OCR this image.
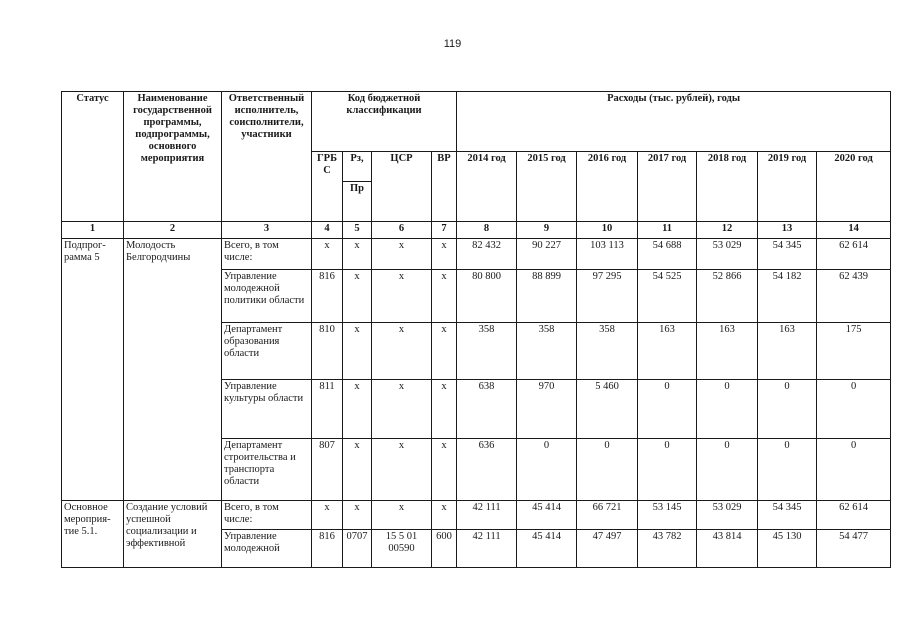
119
Статус	Наименование государственной программы, подпрограммы, основного мероприятия	Ответственный исполнитель, соисполнители, участники	Код бюджетной классификации				Расходы (тыс. рублей), годы						
			ГРБ С	Рз,	ЦСР	ВР	2014 год	2015 год	2016 год	2017 год	2018 год	2019 год	2020 год
				Пр									
1	2	3	4	5	6	7	8	9	10	11	12	13	14
Подпрог-рамма 5	Молодость Белгородчины	Всего, в том числе:	х	х	х	х	82 432	90 227	103 113	54 688	53 029	54 345	62 614
		Управление молодежной политики области	816	х	х	х	80 800	88 899	97 295	54 525	52 866	54 182	62 439
		Департамент образования области	810	х	х	х	358	358	358	163	163	163	175
		Управление культуры области	811	х	х	х	638	970	5 460	0	0	0	0
		Департамент строительства и транспорта области	807	х	х	х	636	0	0	0	0	0	0
Основное мероприя-тие 5.1.	Создание условий успешной социализации и эффективной	Всего, в том числе:	х	х	х	х	42 111	45 414	66 721	53 145	53 029	54 345	62 614
		Управление молодежной	816	0707	15 5 01 00590	600	42 111	45 414	47 497	43 782	43 814	45 130	54 477
